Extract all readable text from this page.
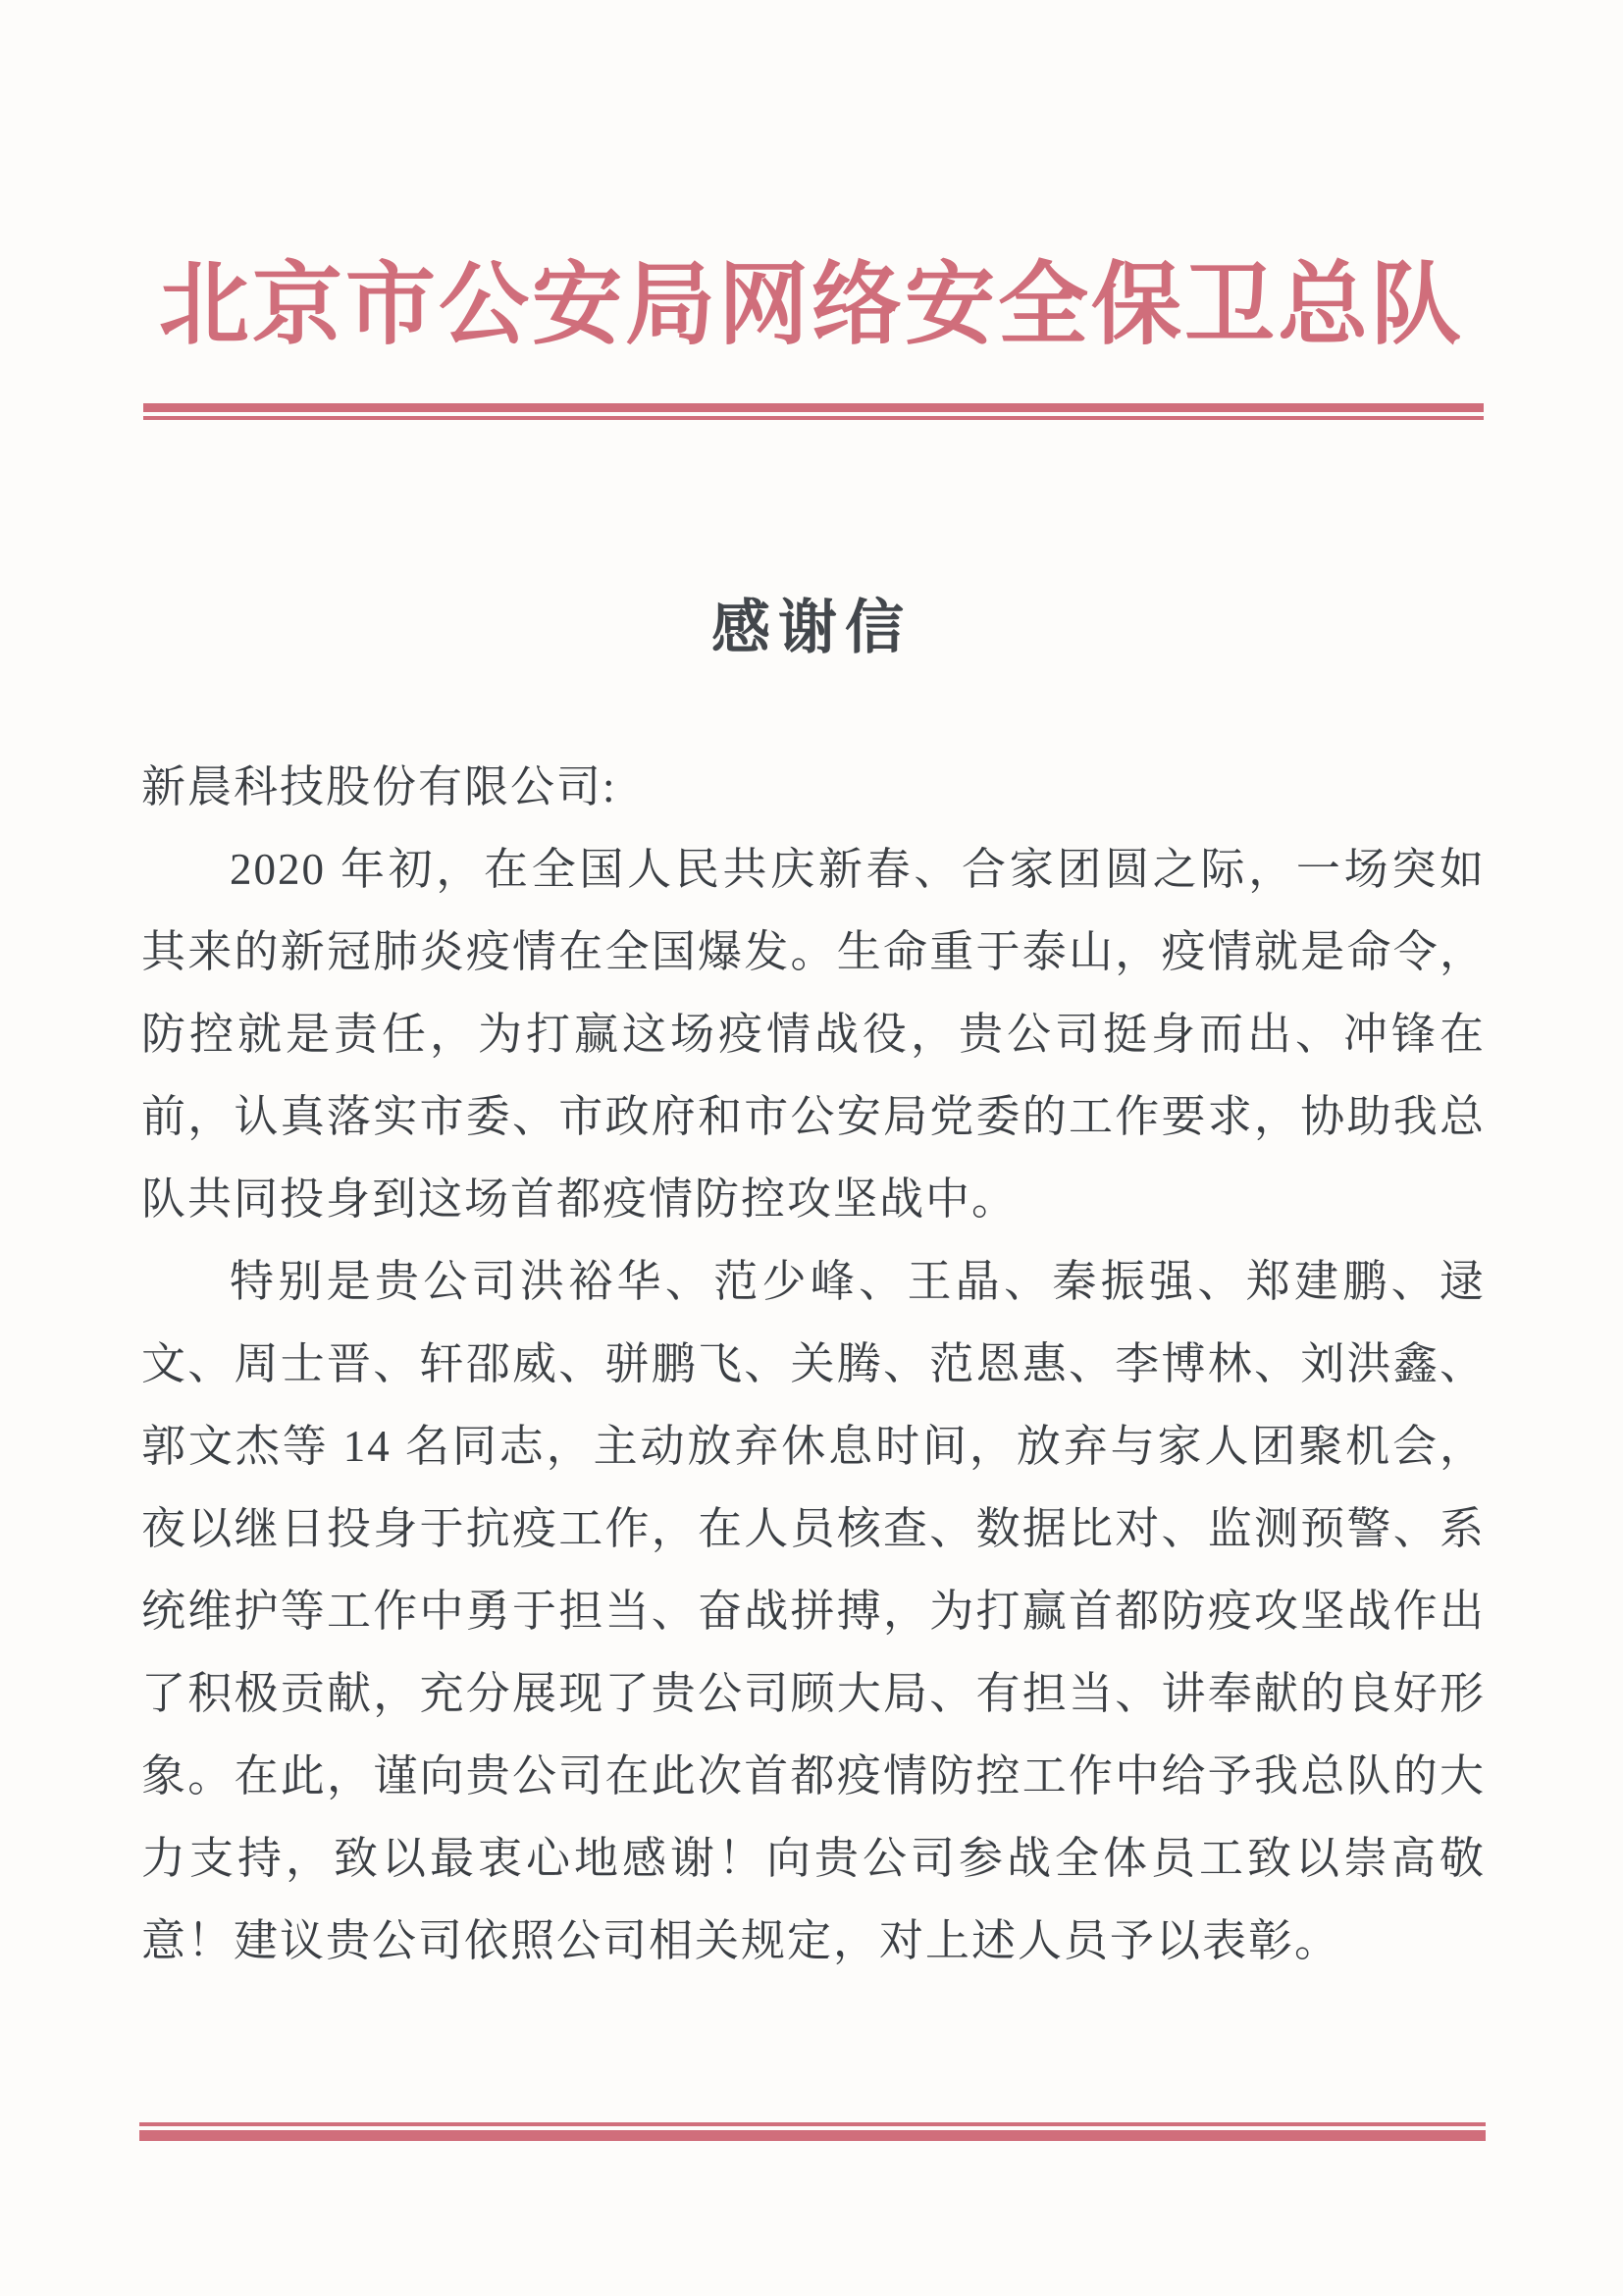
北京市公安局网络安全保卫总队
感谢信

新晨科技股份有限公司:

2020 年初，在全国人民共庆新春、合家团圆之际，一场突如其来的新冠肺炎疫情在全国爆发。生命重于泰山，疫情就是命令，防控就是责任，为打赢这场疫情战役，贵公司挺身而出、冲锋在前，认真落实市委、市政府和市公安局党委的工作要求，协助我总队共同投身到这场首都疫情防控攻坚战中。

特别是贵公司洪裕华、范少峰、王晶、秦振强、郑建鹏、逯文、周士晋、轩邵威、骈鹏飞、关腾、范恩惠、李博林、刘洪鑫、郭文杰等 14 名同志，主动放弃休息时间，放弃与家人团聚机会，夜以继日投身于抗疫工作，在人员核查、数据比对、监测预警、系统维护等工作中勇于担当、奋战拼搏，为打赢首都防疫攻坚战作出了积极贡献，充分展现了贵公司顾大局、有担当、讲奉献的良好形象。在此，谨向贵公司在此次首都疫情防控工作中给予我总队的大力支持，致以最衷心地感谢！向贵公司参战全体员工致以崇高敬意！建议贵公司依照公司相关规定，对上述人员予以表彰。
